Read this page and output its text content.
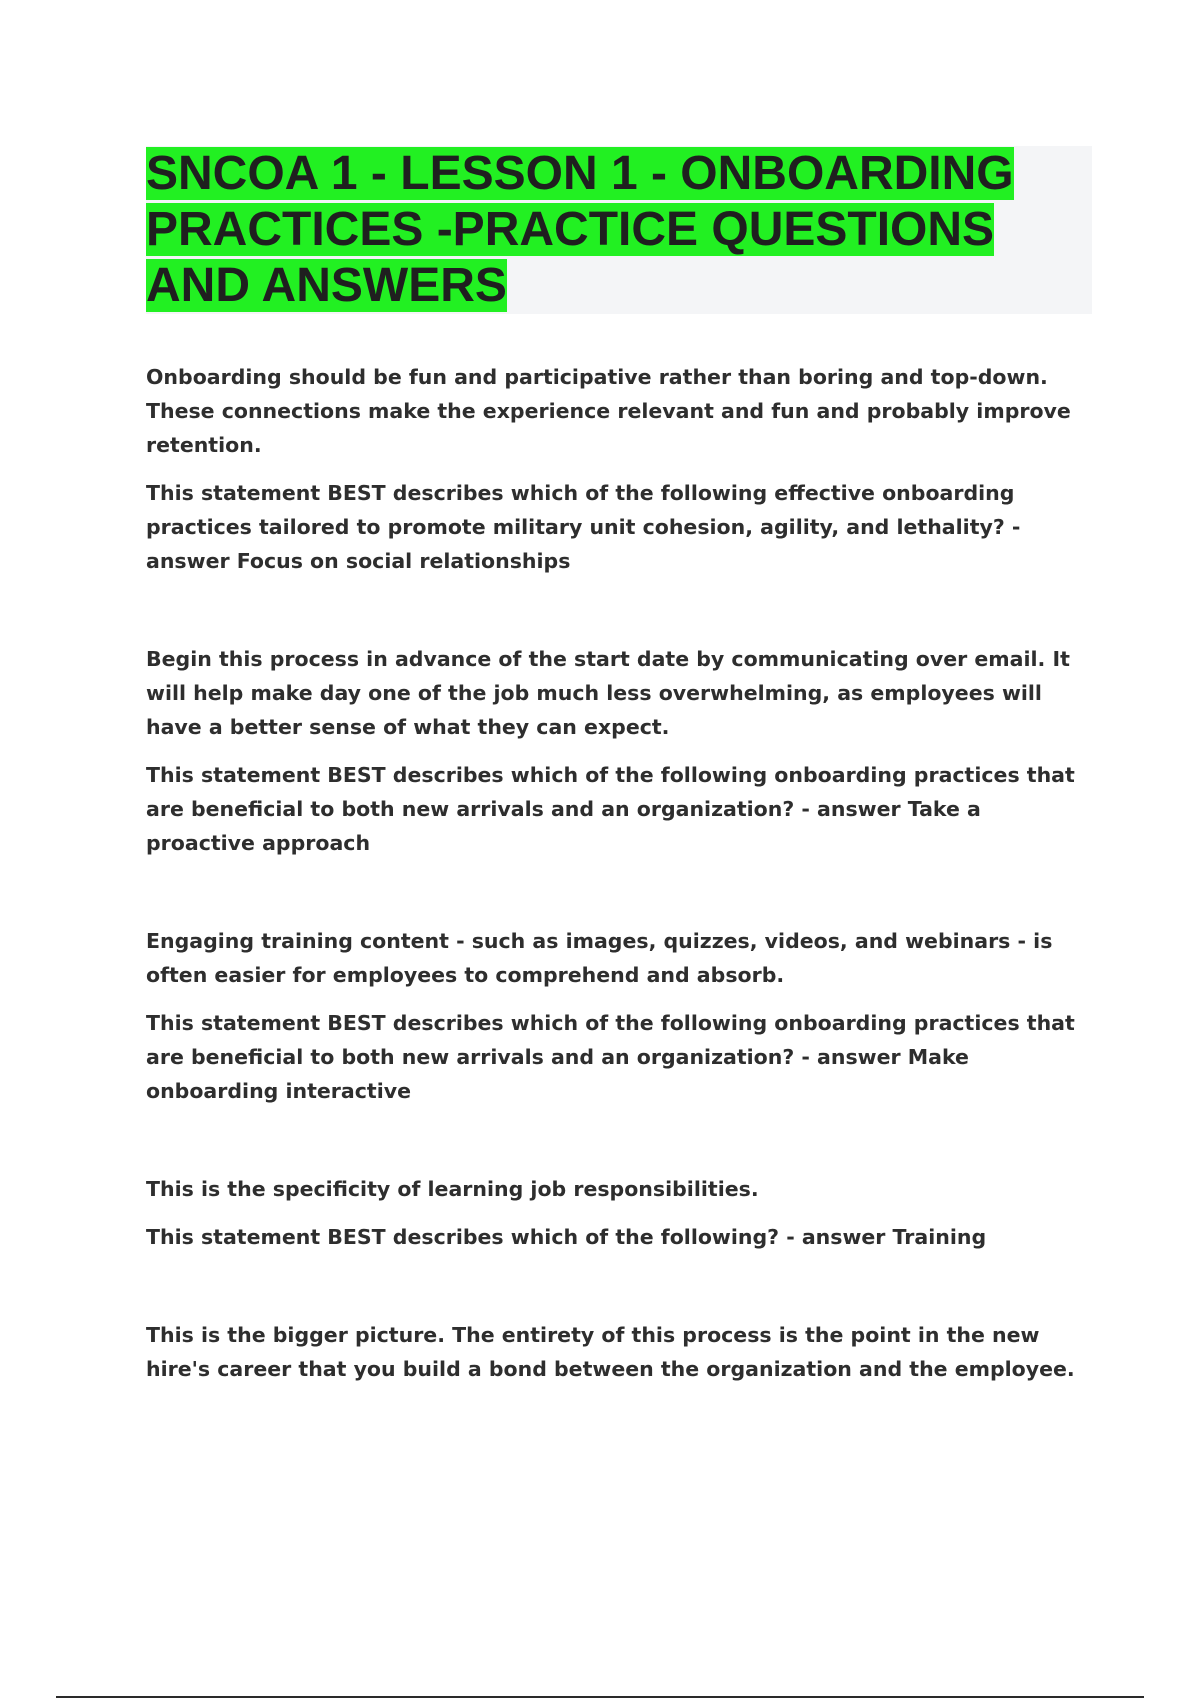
SNCOA 1 - LESSON 1 - ONBOARDING PRACTICES -PRACTICE QUESTIONS AND ANSWERS

Onboarding should be fun and participative rather than boring and top-down. These connections make the experience relevant and fun and probably improve retention.

This statement BEST describes which of the following effective onboarding practices tailored to promote military unit cohesion, agility, and lethality? - answer Focus on social relationships

Begin this process in advance of the start date by communicating over email. It will help make day one of the job much less overwhelming, as employees will have a better sense of what they can expect.

This statement BEST describes which of the following onboarding practices that are beneficial to both new arrivals and an organization? - answer Take a proactive approach

Engaging training content - such as images, quizzes, videos, and webinars - is often easier for employees to comprehend and absorb.

This statement BEST describes which of the following onboarding practices that are beneficial to both new arrivals and an organization? - answer Make onboarding interactive

This is the specificity of learning job responsibilities.

This statement BEST describes which of the following? - answer Training

This is the bigger picture. The entirety of this process is the point in the new hire's career that you build a bond between the organization and the employee.
